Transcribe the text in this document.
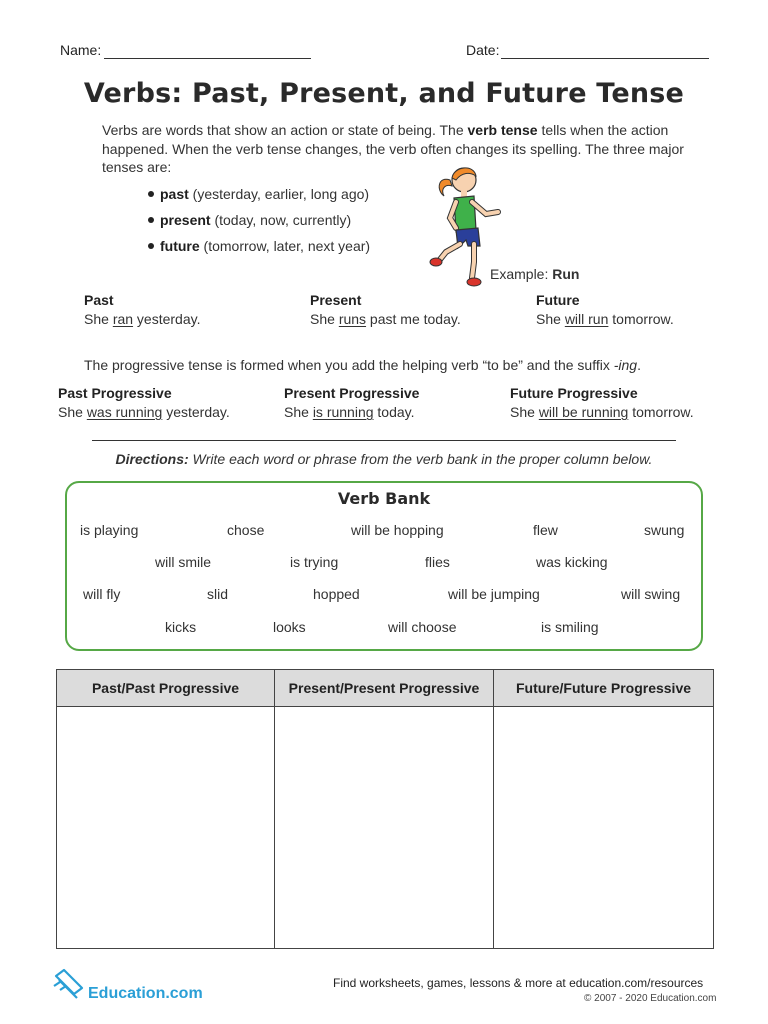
Name:	Date:
Verbs: Past, Present, and Future Tense
Verbs are words that show an action or state of being. The verb tense tells when the action happened. When the verb tense changes, the verb often changes its spelling. The three major tenses are:
past (yesterday, earlier, long ago)
present (today, now, currently)
future (tomorrow, later, next year)
Example: Run
Past
She ran yesterday.
Present
She runs past me today.
Future
She will run tomorrow.
The progressive tense is formed when you add the helping verb “to be” and the suffix -ing.
Past Progressive
She was running yesterday.
Present Progressive
She is running today.
Future Progressive
She will be running tomorrow.
Directions: Write each word or phrase from the verb bank in the proper column below.
Verb Bank
is playing	chose	will be hopping	flew	swung
will smile	is trying	flies	was kicking
will fly	slid	hopped	will be jumping	will swing
kicks	looks	will choose	is smiling
Past/Past Progressive	Present/Present Progressive	Future/Future Progressive

Education.com
Find worksheets, games, lessons & more at education.com/resources
© 2007 - 2020 Education.com
